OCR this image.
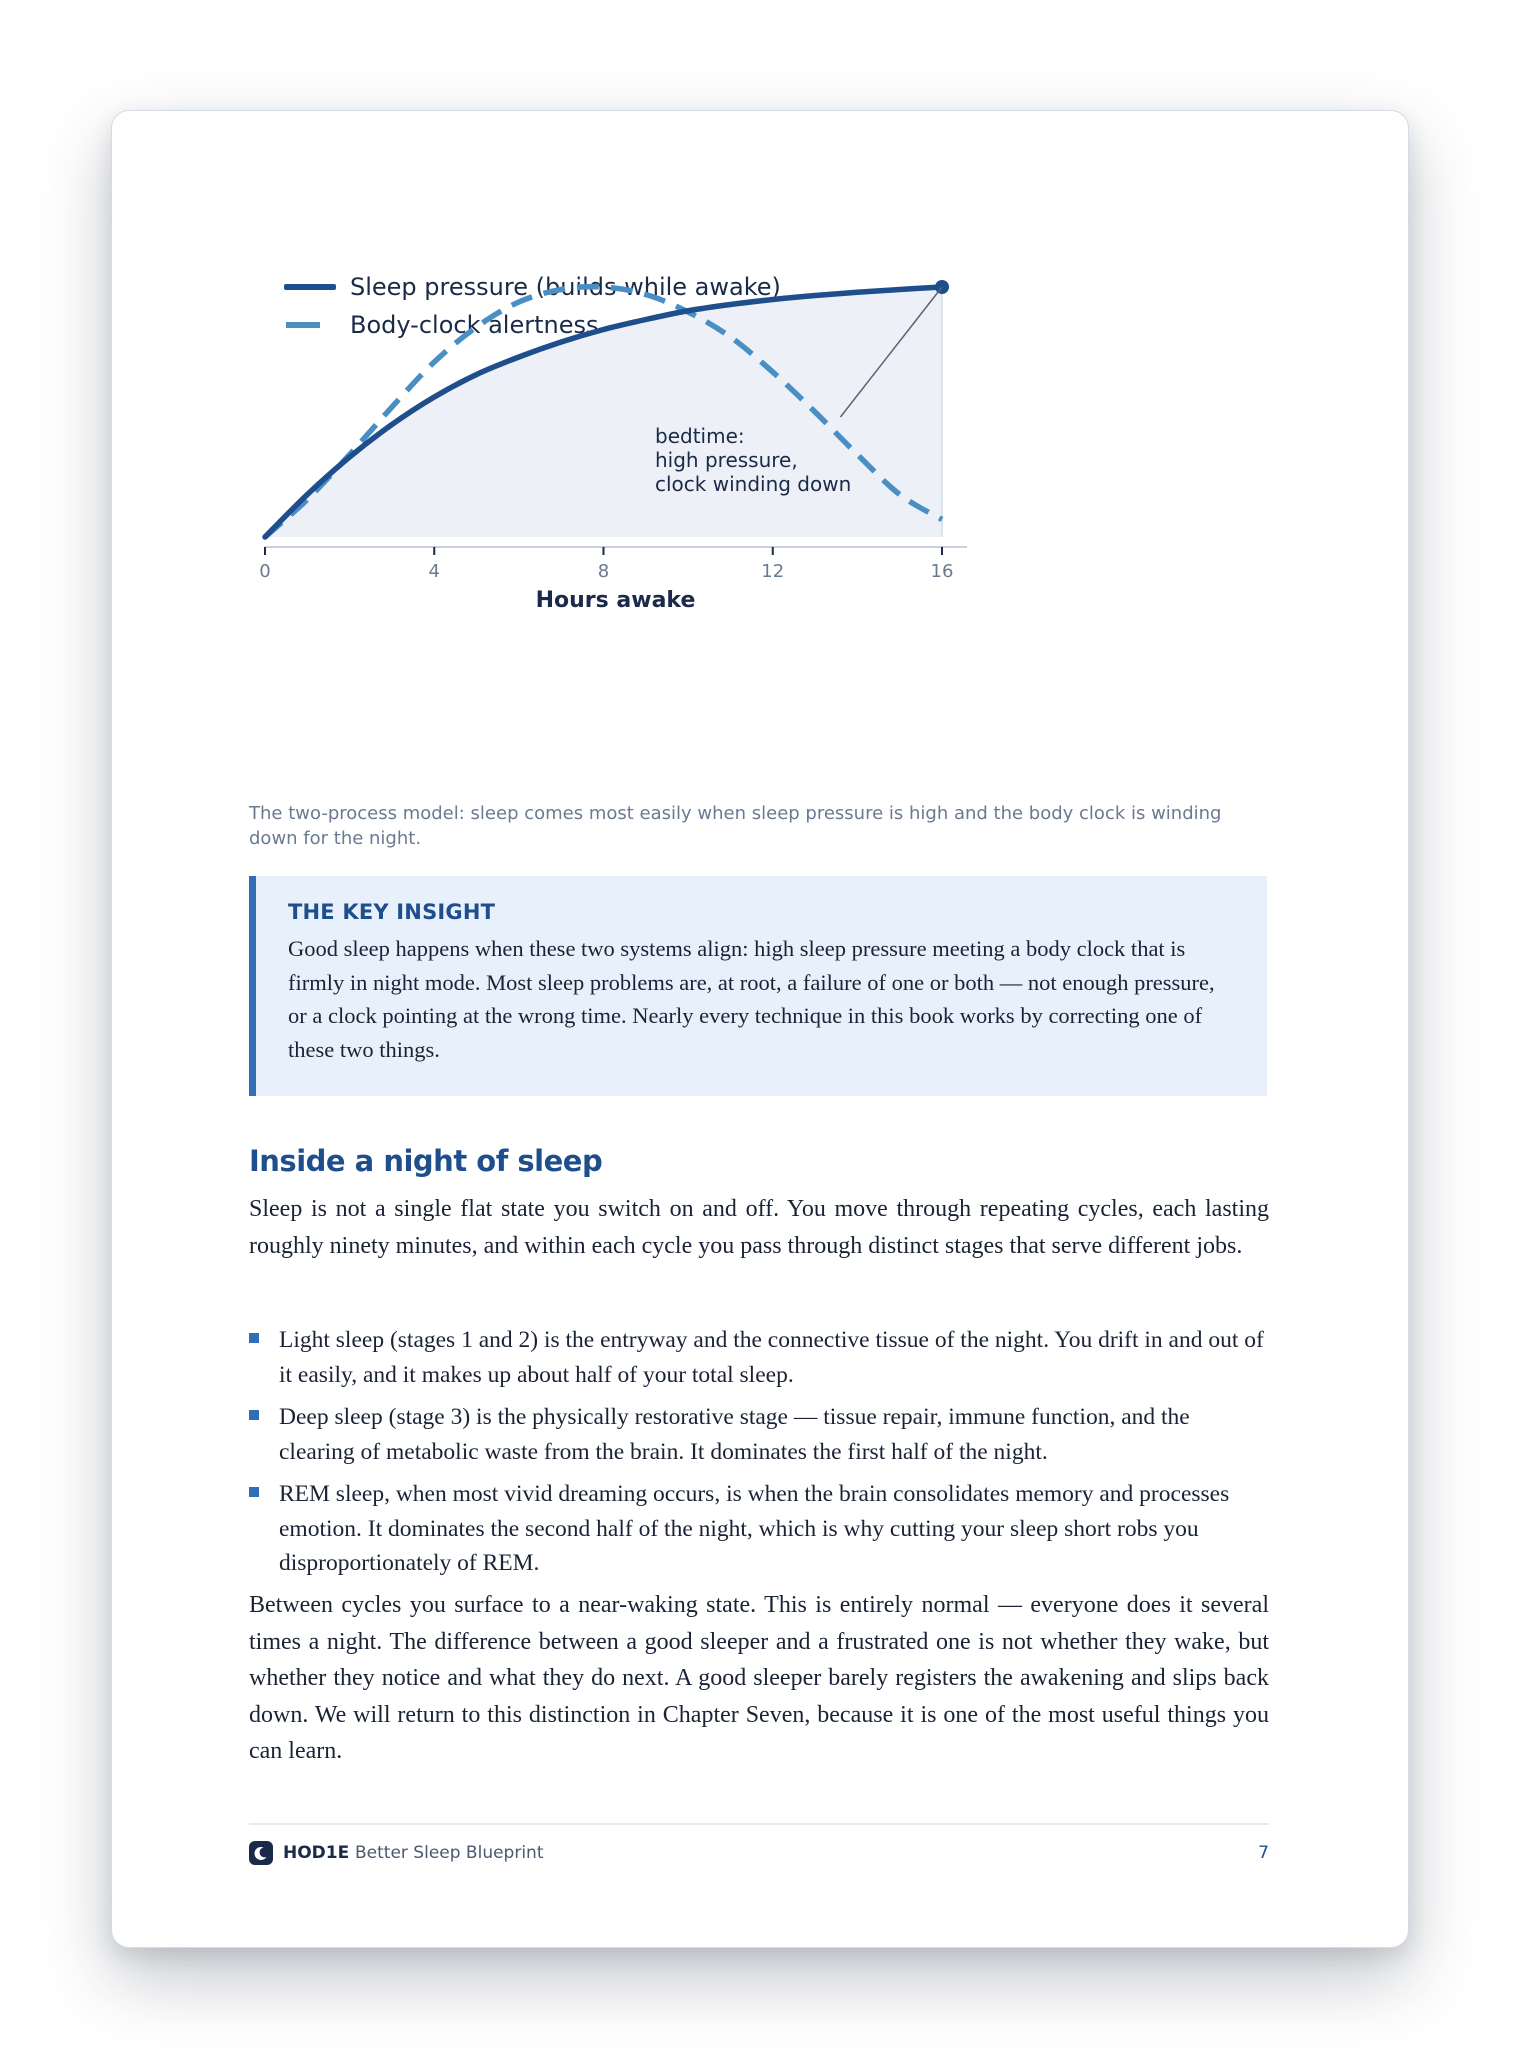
Sleep pressure (builds while awake)
Body-clock alertness
0	4	8	12	16
Hours awake
bedtime:
high pressure,
clock winding down
The two-process model: sleep comes most easily when sleep pressure is high and the body clock is winding down for the night.
THE KEY INSIGHT
Good sleep happens when these two systems align: high sleep pressure meeting a body clock that is firmly in night mode. Most sleep problems are, at root, a failure of one or both — not enough pressure, or a clock pointing at the wrong time. Nearly every technique in this book works by correcting one of these two things.
Inside a night of sleep
Sleep is not a single flat state you switch on and off. You move through repeating cycles, each lasting roughly ninety minutes, and within each cycle you pass through distinct stages that serve different jobs.
Light sleep (stages 1 and 2) is the entryway and the connective tissue of the night. You drift in and out of it easily, and it makes up about half of your total sleep.
Deep sleep (stage 3) is the physically restorative stage — tissue repair, immune function, and the clearing of metabolic waste from the brain. It dominates the first half of the night.
REM sleep, when most vivid dreaming occurs, is when the brain consolidates memory and processes emotion. It dominates the second half of the night, which is why cutting your sleep short robs you disproportionately of REM.
Between cycles you surface to a near-waking state. This is entirely normal — everyone does it several times a night. The difference between a good sleeper and a frustrated one is not whether they wake, but whether they notice and what they do next. A good sleeper barely registers the awakening and slips back down. We will return to this distinction in Chapter Seven, because it is one of the most useful things you can learn.
HOD1E Better Sleep Blueprint	7
